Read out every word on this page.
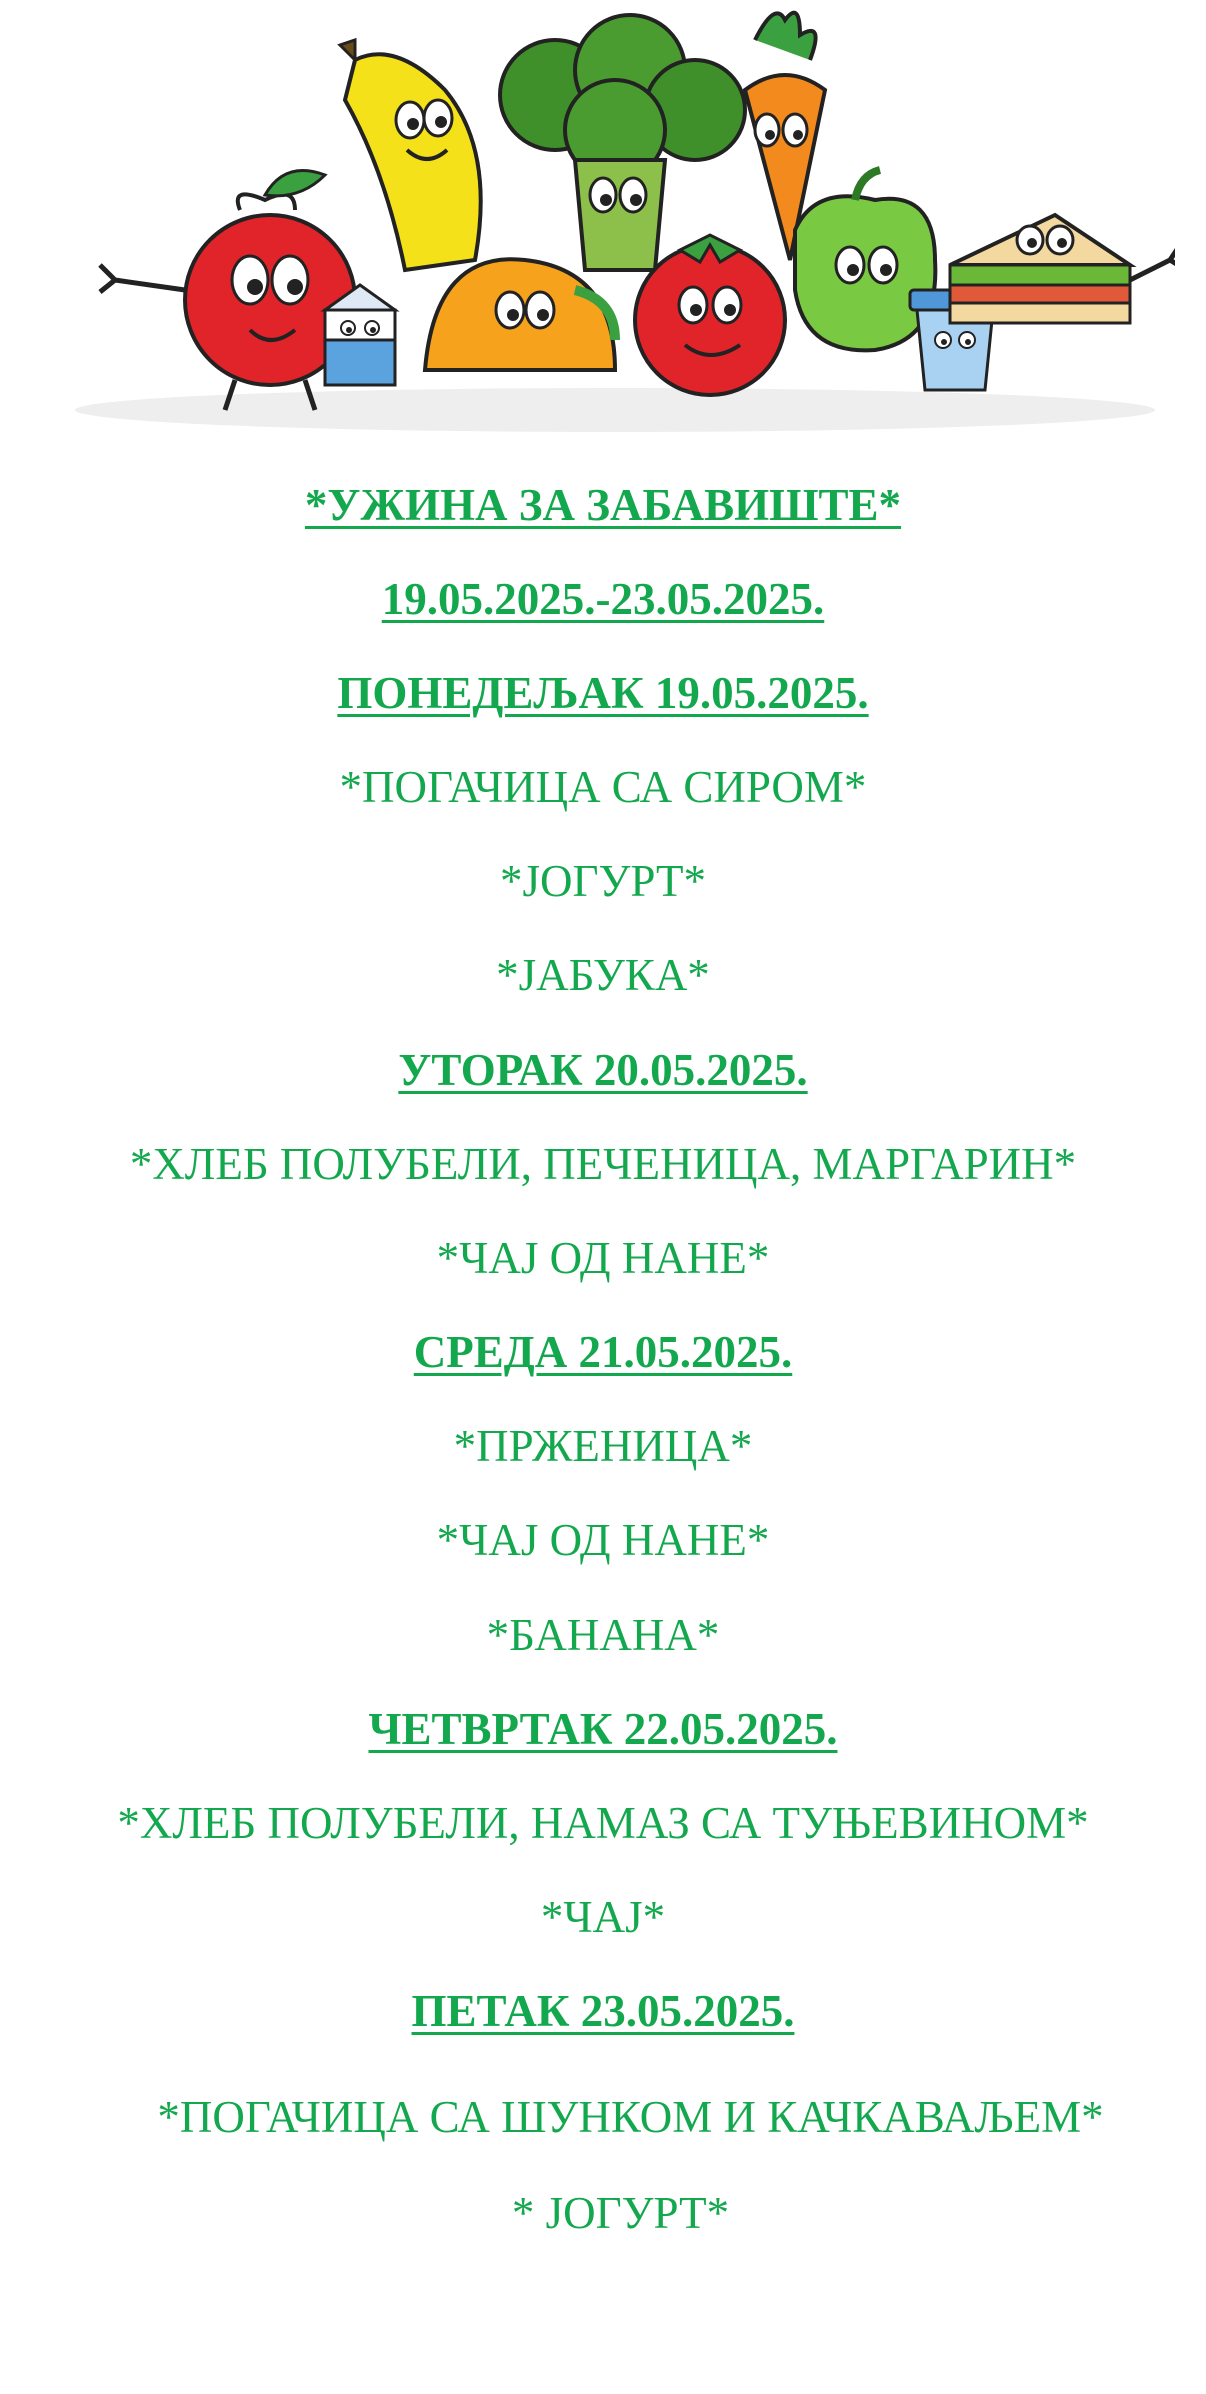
*УЖИНА ЗА ЗАБАВИШТЕ*
19.05.2025.-23.05.2025.
ПОНЕДЕЉАК 19.05.2025.
*ПОГАЧИЦА СА СИРОМ*
*ЈОГУРТ*
*ЈАБУКА*
УТОРАК 20.05.2025.
*ХЛЕБ ПОЛУБЕЛИ, ПЕЧЕНИЦА, МАРГАРИН*
*ЧАЈ ОД НАНЕ*
СРЕДА 21.05.2025.
*ПРЖЕНИЦА*
*ЧАЈ ОД НАНЕ*
*БАНАНА*
ЧЕТВРТАК 22.05.2025.
*ХЛЕБ ПОЛУБЕЛИ, НАМАЗ СА ТУЊЕВИНОМ*
*ЧАЈ*
ПЕТАК 23.05.2025.
*ПОГАЧИЦА СА ШУНКОМ И КАЧКАВАЉЕМ*
* ЈОГУРТ*
